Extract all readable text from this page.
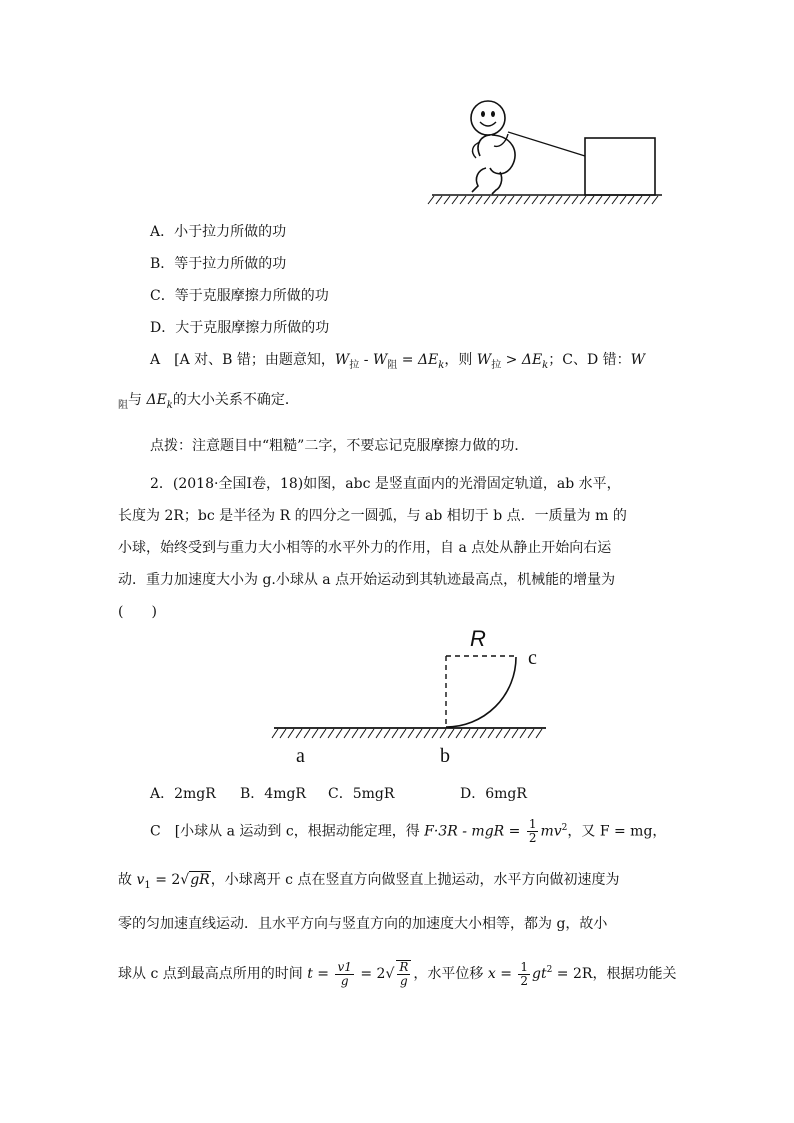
A．小于拉力所做的功
B．等于拉力所做的功
C．等于克服摩擦力所做的功
D．大于克服摩擦力所做的功
A　[A 对、B 错；由题意知，$W_拉 - W_阻 = \Delta E_k$，则 $W_拉 > \Delta E_k$；C、D 错：W
$_阻$与 $\Delta E_k$的大小关系不确定．
点拨：注意题目中“粗糙”二字，不要忘记克服摩擦力做的功．
2．(2018·全国Ⅰ卷，18)如图，abc 是竖直面内的光滑固定轨道，ab 水平，
长度为 2R；bc 是半径为 R 的四分之一圆弧，与 ab 相切于 b 点．一质量为 m 的
小球，始终受到与重力大小相等的水平外力的作用，自 a 点处从静止开始向右运
动．重力加速度大小为 g.小球从 a 点开始运动到其轨迹最高点，机械能的增量为
(　　)
R
c
a	b
A．2mgR B．4mgR C．5mgR	D．6mgR
C　[小球从 a 运动到 c，根据动能定理，得 F·3R - mgR = $\frac{1}{2} mv^2$，又 F = mg，
故 $v_1 = 2√gR$，小球离开 c 点在竖直方向做竖直上抛运动，水平方向做初速度为
零的匀加速直线运动．且水平方向与竖直方向的加速度大小相等，都为 g，故小
球从 c 点到最高点所用的时间 $t = \frac{v1}{g} = 2√ \frac{R}{g}$ ，水平位移 $x = \frac{1}{2} gt^2 = 2R$，根据功能关
